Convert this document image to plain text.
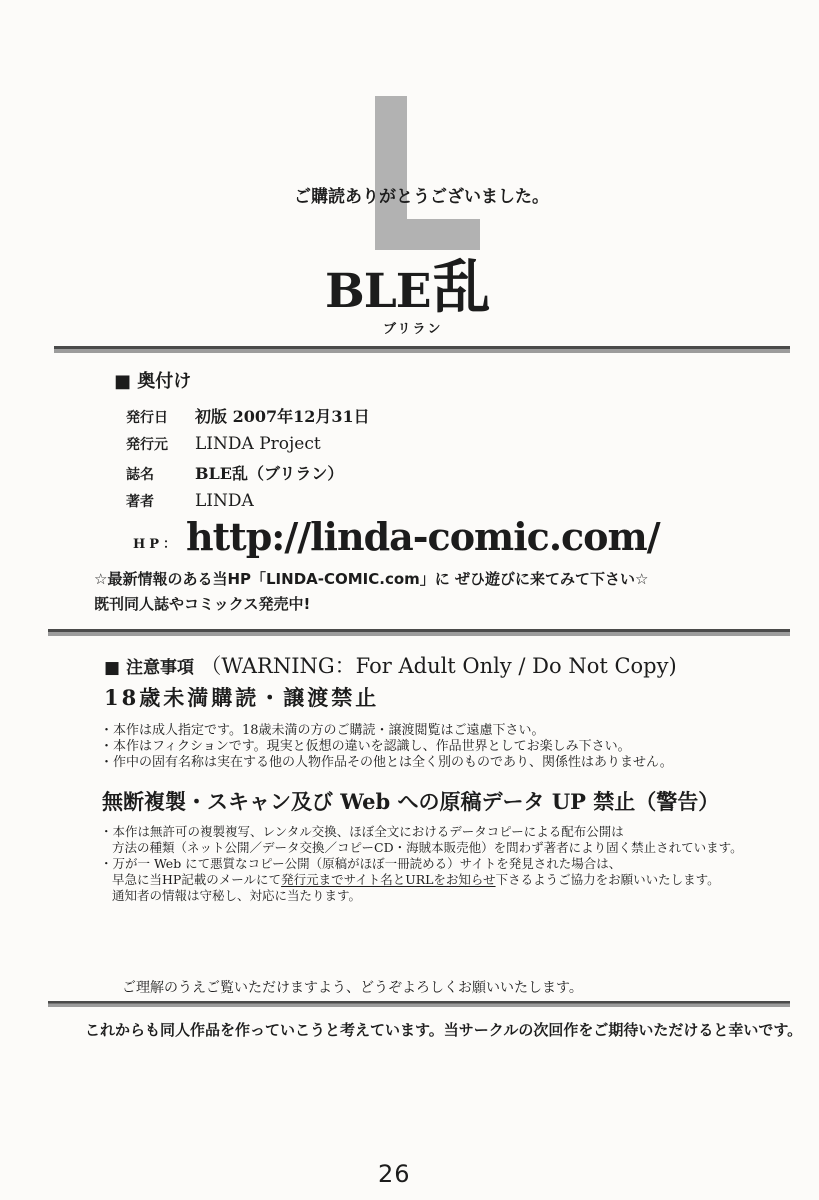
ご購読ありがとうございました。
BLE 乱
ブリラン
■ 奥付け
発行日	初版 2007年12月31日
発行元	LINDA Project
誌名	BLE乱（ブリラン）
著者	LINDA
HP： http://linda-comic.com/
☆最新情報のある当HP「LINDA-COMIC.com」に ぜひ遊びに来てみて下さい☆
既刊同人誌やコミックス発売中!
■ 注意事項 （WARNING：For Adult Only / Do Not Copy)
18歳未満購読・譲渡禁止
・本作は成人指定です。18歳未満の方のご購読・譲渡閲覧はご遠慮下さい。
・本作はフィクションです。現実と仮想の違いを認識し、作品世界としてお楽しみ下さい。
・作中の固有名称は実在する他の人物作品その他とは全く別のものであり、関係性はありません。
無断複製・スキャン及び Web への原稿データ UP 禁止（警告）
・本作は無許可の複製複写、レンタル交換、ほぼ全文におけるデータコピーによる配布公開は
方法の種類（ネット公開／データ交換／コピーCD・海賊本販売他）を問わず著者により固く禁止されています。
・万が一 Web にて悪質なコピー公開（原稿がほぼ一冊読める）サイトを発見された場合は、
早急に当HP記載のメールにて発行元までサイト名とURLをお知らせ下さるようご協力をお願いいたします。
通知者の情報は守秘し、対応に当たります。
ご理解のうえご覧いただけますよう、どうぞよろしくお願いいたします。
これからも同人作品を作っていこうと考えています。当サークルの次回作をご期待いただけると幸いです。
26
